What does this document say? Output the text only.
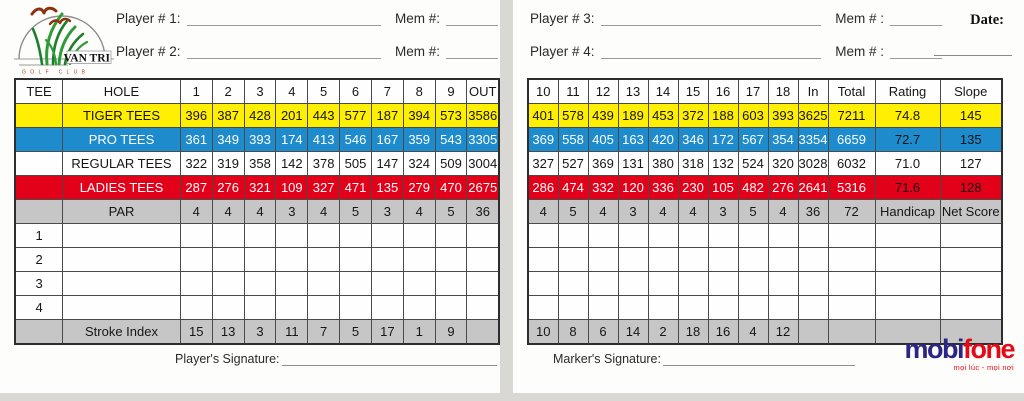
VAN TRI
GOLF CLUB
Player # 1:	Mem #:
Player # 2:	Mem #:
TEE	HOLE	1	2	3	4	5	6	7	8	9	OUT
	TIGER TEES	396	387	428	201	443	577	187	394	573	3586
	PRO TEES	361	349	393	174	413	546	167	359	543	3305
	REGULAR TEES	322	319	358	142	378	505	147	324	509	3004
	LADIES TEES	287	276	321	109	327	471	135	279	470	2675
	PAR	4	4	4	3	4	5	3	4	5	36
1											
2											
3											
4											
	Stroke Index	15	13	3	11	7	5	17	1	9	
Player's Signature:
Player # 3:	Mem # :
Player # 4:	Mem # :
Date:
10	11	12	13	14	15	16	17	18	In	Total	Rating	Slope
401	578	439	189	453	372	188	603	393	3625	7211	74.8	145
369	558	405	163	420	346	172	567	354	3354	6659	72.7	135
327	527	369	131	380	318	132	524	320	3028	6032	71.0	127
286	474	332	120	336	230	105	482	276	2641	5316	71.6	128
4	5	4	3	4	4	3	5	4	36	72	Handicap	Net Score

10	8	6	14	2	18	16	4	12				
Marker's Signature:	mobifone
mọi lúc - mọi nơi
